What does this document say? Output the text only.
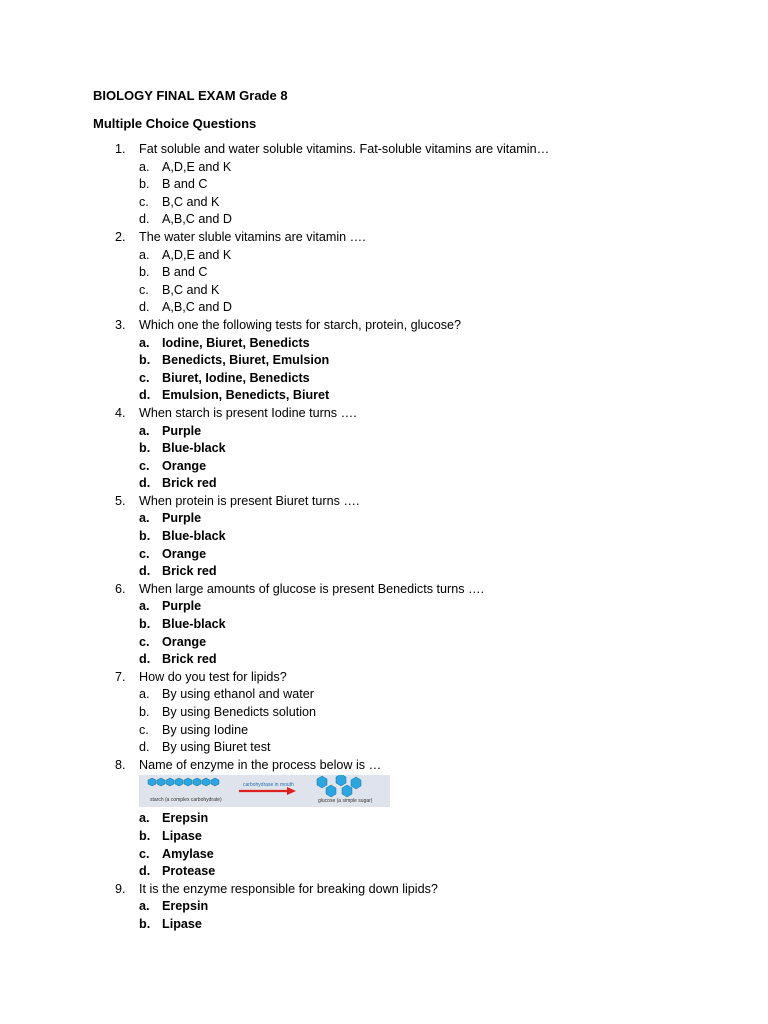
BIOLOGY FINAL EXAM Grade 8
Multiple Choice Questions
1. Fat soluble and water soluble vitamins. Fat-soluble vitamins are vitamin…
a. A,D,E and K
b. B and C
c. B,C and K
d. A,B,C and D
2. The water sluble vitamins are vitamin ….
a. A,D,E and K
b. B and C
c. B,C and K
d. A,B,C and D
3. Which one the following tests for starch, protein, glucose?
a. Iodine, Biuret, Benedicts
b. Benedicts, Biuret, Emulsion
c. Biuret, Iodine, Benedicts
d. Emulsion, Benedicts, Biuret
4. When starch is present Iodine turns ….
a. Purple
b. Blue-black
c. Orange
d. Brick red
5. When protein is present Biuret turns ….
a. Purple
b. Blue-black
c. Orange
d. Brick red
6. When large amounts of glucose is present Benedicts turns ….
a. Purple
b. Blue-black
c. Orange
d. Brick red
7. How do you test for lipids?
a. By using ethanol and water
b. By using Benedicts solution
c. By using Iodine
d. By using Biuret test
8. Name of enzyme in the process below is …
starch (a complex carbohydrate)
carbohydrase in mouth
glucose (a simple sugar)
a. Erepsin
b. Lipase
c. Amylase
d. Protease
9. It is the enzyme responsible for breaking down lipids?
a. Erepsin
b. Lipase
